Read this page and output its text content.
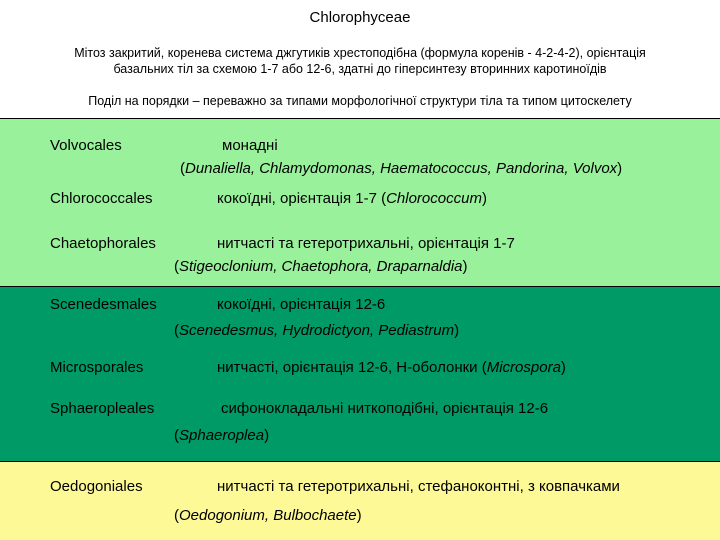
Chlorophyceae
Мітоз закритий, коренева система джгутиків хрестоподібна (формула коренів - 4-2-4-2), орієнтація
базальних тіл за схемою 1-7 або 12-6, здатні до гіперсинтезу вторинних каротиноїдів
Поділ на порядки – переважно за типами морфологічної структури тіла та типом цитоскелету
Volvocales	монадні
(Dunaliella, Chlamydomonas, Haematococcus, Pandorina, Volvox)
Chlorococcales	кокоїдні, орієнтація 1-7 (Chlorococcum)
Chaetophorales	нитчасті та гетеротрихальні, орієнтація 1-7
(Stigeoclonium, Chaetophora, Draparnaldia)
Scenedesmales	кокоїдні, орієнтація 12-6
(Scenedesmus, Hydrodictyon, Pediastrum)
Microsporales	нитчасті, орієнтація 12-6, Н-оболонки (Microspora)
Sphaeropleales	сифонокладальні ниткоподібні, орієнтація 12-6
(Sphaeroplea)
Oedogoniales	нитчасті та гетеротрихальні, стефаноконтні, з ковпачками
(Oedogonium, Bulbochaete)
